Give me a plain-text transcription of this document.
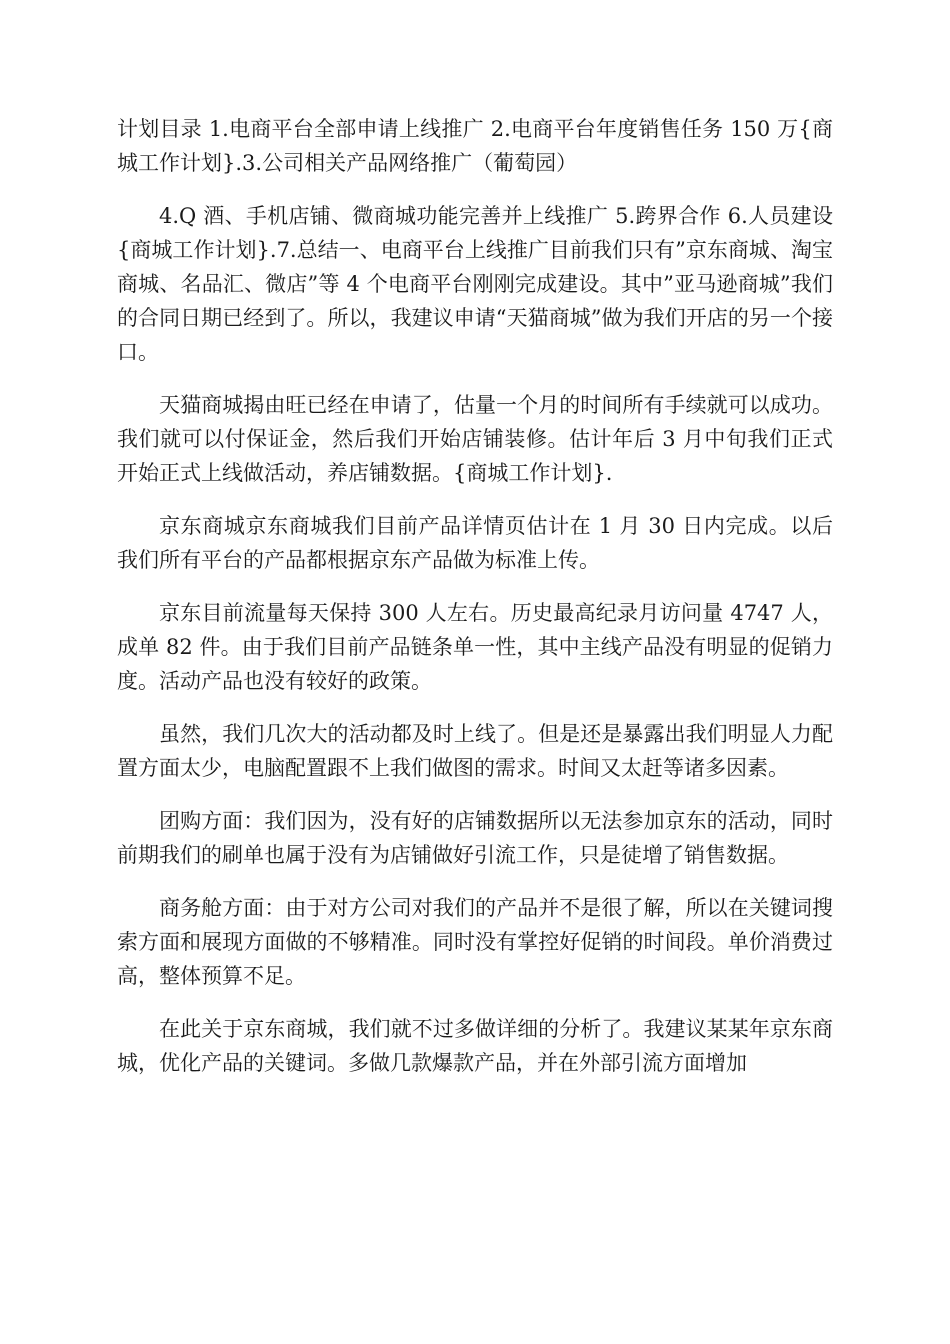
计划目录 1.电商平台全部申请上线推广 2.电商平台年度销售任务 150 万{商城工作计划}.3.公司相关产品网络推广（葡萄园）

4.Q 酒、手机店铺、微商城功能完善并上线推广 5.跨界合作 6.人员建设{商城工作计划}.7.总结一、电商平台上线推广目前我们只有”京东商城、淘宝商城、名品汇、微店”等 4 个电商平台刚刚完成建设。其中”亚马逊商城”我们的合同日期已经到了。所以，我建议申请“天猫商城”做为我们开店的另一个接口。

天猫商城揭由旺已经在申请了，估量一个月的时间所有手续就可以成功。我们就可以付保证金，然后我们开始店铺装修。估计年后 3 月中旬我们正式开始正式上线做活动，养店铺数据。{商城工作计划}.

京东商城京东商城我们目前产品详情页估计在 1 月 30 日内完成。以后我们所有平台的产品都根据京东产品做为标准上传。

京东目前流量每天保持 300 人左右。历史最高纪录月访问量 4747 人，成单 82 件。由于我们目前产品链条单一性，其中主线产品没有明显的促销力度。活动产品也没有较好的政策。

虽然，我们几次大的活动都及时上线了。但是还是暴露出我们明显人力配置方面太少，电脑配置跟不上我们做图的需求。时间又太赶等诸多因素。

团购方面：我们因为，没有好的店铺数据所以无法参加京东的活动，同时前期我们的刷单也属于没有为店铺做好引流工作，只是徒增了销售数据。

商务舱方面：由于对方公司对我们的产品并不是很了解，所以在关键词搜索方面和展现方面做的不够精准。同时没有掌控好促销的时间段。单价消费过高，整体预算不足。

在此关于京东商城，我们就不过多做详细的分析了。我建议某某年京东商城，优化产品的关键词。多做几款爆款产品，并在外部引流方面增加
